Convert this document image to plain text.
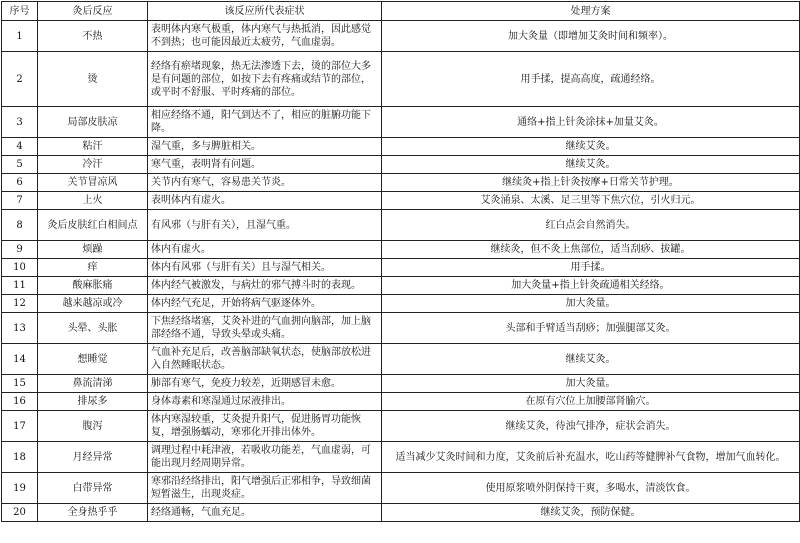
序号	灸后反应	该反应所代表症状	处理方案
1	不热	表明体内寒气极重，体内寒气与热抵消，因此感觉不到热；也可能因最近太疲劳，气血虚弱。	加大灸量（即增加艾灸时间和频率）。
2	烫	经络有瘀堵现象，热无法渗透下去，烫的部位大多是有问题的部位，如按下去有疼痛或结节的部位，或平时不舒服、平时疼痛的部位。	用手揉，提高高度，疏通经络。
3	局部皮肤凉	相应经络不通，阳气到达不了，相应的脏腑功能下降。	通络+指上针灸涂抹+加量艾灸。
4	粘汗	湿气重，多与脾脏相关。	继续艾灸。
5	冷汗	寒气重，表明肾有问题。	继续艾灸。
6	关节冒凉风	关节内有寒气，容易患关节炎。	继续灸+指上针灸按摩+日常关节护理。
7	上火	表明体内有虚火。	艾灸涌泉、太溪、足三里等下焦穴位，引火归元。
8	灸后皮肤红白相间点	有风邪（与肝有关），且湿气重。	红白点会自然消失。
9	烦躁	体内有虚火。	继续灸，但不灸上焦部位，适当刮痧、拔罐。
10	痒	体内有风邪（与肝有关）且与湿气相关。	用手揉。
11	酸麻胀痛	体内经气被激发，与病灶的邪气搏斗时的表现。	加大灸量+指上针灸疏通相关经络。
12	越来越凉或冷	体内经气充足，开始将病气驱逐体外。	加大灸量。
13	头晕、头胀	下焦经络堵塞，艾灸补进的气血拥向脑部，加上脑部经络不通，导致头晕或头痛。	头部和手臂适当刮痧；加强腿部艾灸。
14	想睡觉	气血补充足后，改善脑部缺氧状态，使脑部放松进入自然睡眠状态。	继续艾灸。
15	鼻流清涕	肺部有寒气，免疫力较差，近期感冒未愈。	加大灸量。
16	排尿多	身体毒素和寒湿通过尿液排出。	在原有穴位上加腰部肾腧穴。
17	腹泻	体内寒湿较重，艾灸提升阳气，促进肠胃功能恢复，增强肠蠕动，寒邪化开排出体外。	继续艾灸，待浊气排净，症状会消失。
18	月经异常	调理过程中耗津液，若吸收功能差，气血虚弱，可能出现月经周期异常。	适当减少艾灸时间和力度，艾灸前后补充温水，吃山药等健脾补气食物，增加气血转化。
19	白带异常	寒邪沿经络排出，阳气增强后正邪相争，导致细菌短暂滋生，出现炎症。	使用原浆喷外阴保持干爽，多喝水，清淡饮食。
20	全身热乎乎	经络通畅，气血充足。	继续艾灸，预防保健。
